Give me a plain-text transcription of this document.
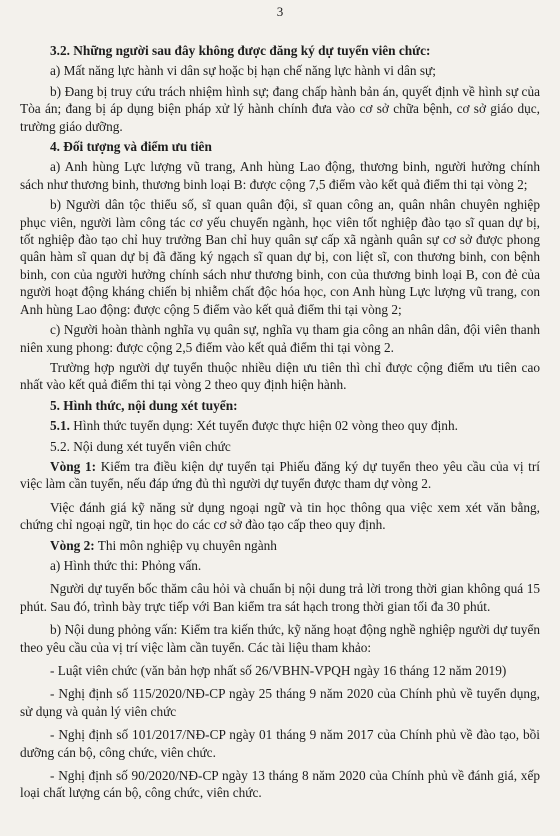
3

3.2. Những người sau đây không được đăng ký dự tuyển viên chức:

a) Mất năng lực hành vi dân sự hoặc bị hạn chế năng lực hành vi dân sự;

b) Đang bị truy cứu trách nhiệm hình sự; đang chấp hành bản án, quyết định về hình sự của Tòa án; đang bị áp dụng biện pháp xử lý hành chính đưa vào cơ sở chữa bệnh, cơ sở giáo dục, trường giáo dưỡng.

4. Đối tượng và điểm ưu tiên

a) Anh hùng Lực lượng vũ trang, Anh hùng Lao động, thương binh, người hưởng chính sách như thương binh, thương binh loại B: được cộng 7,5 điểm vào kết quả điểm thi tại vòng 2;

b) Người dân tộc thiểu số, sĩ quan quân đội, sĩ quan công an, quân nhân chuyên nghiệp phục viên, người làm công tác cơ yếu chuyển ngành, học viên tốt nghiệp đào tạo sĩ quan dự bị, tốt nghiệp đào tạo chỉ huy trưởng Ban chỉ huy quân sự cấp xã ngành quân sự cơ sở được phong quân hàm sĩ quan dự bị đã đăng ký ngạch sĩ quan dự bị, con liệt sĩ, con thương binh, con bệnh binh, con của người hưởng chính sách như thương binh, con của thương binh loại B, con đẻ của người hoạt động kháng chiến bị nhiễm chất độc hóa học, con Anh hùng Lực lượng vũ trang, con Anh hùng Lao động: được cộng 5 điểm vào kết quả điểm thi tại vòng 2;

c) Người hoàn thành nghĩa vụ quân sự, nghĩa vụ tham gia công an nhân dân, đội viên thanh niên xung phong: được cộng 2,5 điểm vào kết quả điểm thi tại vòng 2.

Trường hợp người dự tuyển thuộc nhiều diện ưu tiên thì chỉ được cộng điểm ưu tiên cao nhất vào kết quả điểm thi tại vòng 2 theo quy định hiện hành.

5. Hình thức, nội dung xét tuyển:

5.1. Hình thức tuyển dụng: Xét tuyển được thực hiện 02 vòng theo quy định.

5.2. Nội dung xét tuyển viên chức

Vòng 1: Kiểm tra điều kiện dự tuyển tại Phiếu đăng ký dự tuyển theo yêu cầu của vị trí việc làm cần tuyển, nếu đáp ứng đủ thì người dự tuyển được tham dự vòng 2.

Việc đánh giá kỹ năng sử dụng ngoại ngữ và tin học thông qua việc xem xét văn bằng, chứng chỉ ngoại ngữ, tin học do các cơ sở đào tạo cấp theo quy định.

Vòng 2: Thi môn nghiệp vụ chuyên ngành

a) Hình thức thi: Phỏng vấn.

Người dự tuyển bốc thăm câu hỏi và chuẩn bị nội dung trả lời trong thời gian không quá 15 phút. Sau đó, trình bày trực tiếp với Ban kiểm tra sát hạch trong thời gian tối đa 30 phút.

b) Nội dung phỏng vấn: Kiểm tra kiến thức, kỹ năng hoạt động nghề nghiệp người dự tuyển theo yêu cầu của vị trí việc làm cần tuyển. Các tài liệu tham khảo:

- Luật viên chức (văn bản hợp nhất số 26/VBHN-VPQH ngày 16 tháng 12 năm 2019)

- Nghị định số 115/2020/NĐ-CP ngày 25 tháng 9 năm 2020 của Chính phủ về tuyển dụng, sử dụng và quản lý viên chức

- Nghị định số 101/2017/NĐ-CP ngày 01 tháng 9 năm 2017 của Chính phủ về đào tạo, bồi dưỡng cán bộ, công chức, viên chức.

- Nghị định số 90/2020/NĐ-CP ngày 13 tháng 8 năm 2020 của Chính phủ về đánh giá, xếp loại chất lượng cán bộ, công chức, viên chức.
